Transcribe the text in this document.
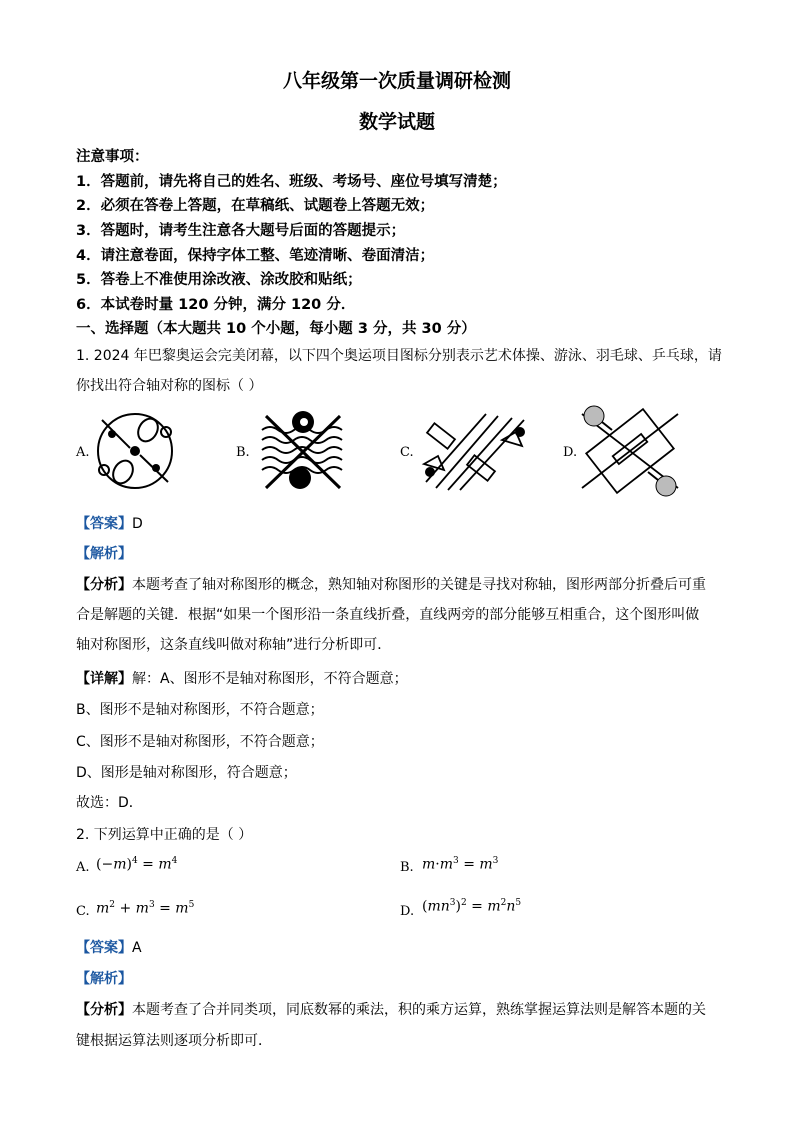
八年级第一次质量调研检测
数学试题
注意事项：
1．答题前，请先将自己的姓名、班级、考场号、座位号填写清楚；
2．必须在答卷上答题，在草稿纸、试题卷上答题无效；
3．答题时，请考生注意各大题号后面的答题提示；
4．请注意卷面，保持字体工整、笔迹清晰、卷面清洁；
5．答卷上不准使用涂改液、涂改胶和贴纸；
6．本试卷时量 120 分钟，满分 120 分．
一、选择题（本大题共 10 个小题，每小题 3 分，共 30 分）
1. 2024 年巴黎奥运会完美闭幕，以下四个奥运项目图标分别表示艺术体操、游泳、羽毛球、乒乓球，请
你找出符合轴对称的图标（ ）
A.	B.	C.	D.
【答案】D
【解析】
【分析】本题考查了轴对称图形的概念，熟知轴对称图形的关键是寻找对称轴，图形两部分折叠后可重
合是解题的关键．根据“如果一个图形沿一条直线折叠，直线两旁的部分能够互相重合，这个图形叫做
轴对称图形，这条直线叫做对称轴”进行分析即可．
【详解】解：A、图形不是轴对称图形，不符合题意；
B、图形不是轴对称图形，不符合题意；
C、图形不是轴对称图形，不符合题意；
D、图形是轴对称图形，符合题意；
故选：D．
2. 下列运算中正确的是（ ）
A. $(-m)^4 = m^4$	B. $m\cdot m^3 = m^3$
C. $m^2 + m^3 = m^5$	D. $(mn^3)^2 = m^2n^5$
【答案】A
【解析】
【分析】本题考查了合并同类项，同底数幂的乘法，积的乘方运算，熟练掌握运算法则是解答本题的关
键根据运算法则逐项分析即可．
